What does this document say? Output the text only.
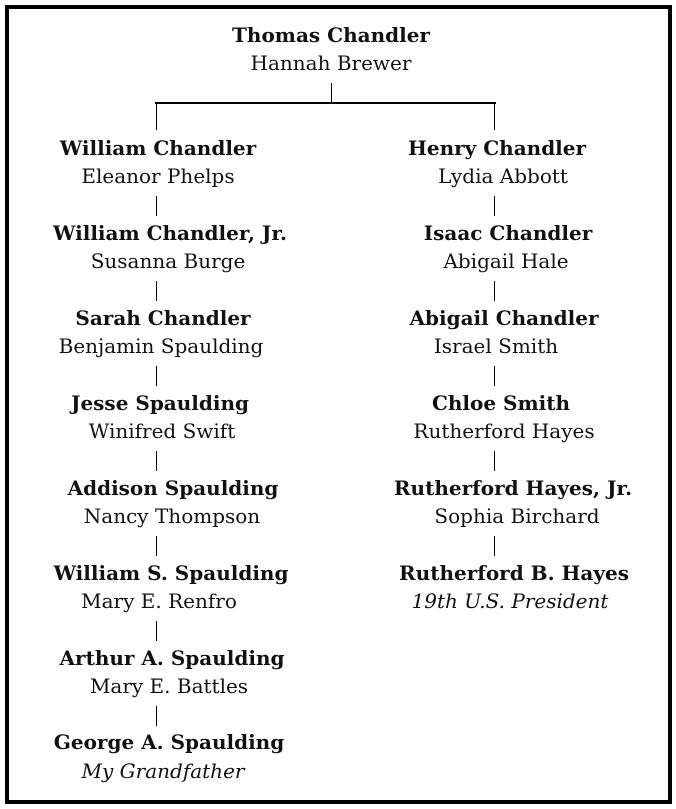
Thomas Chandler
Hannah Brewer
William Chandler
Eleanor Phelps
William Chandler, Jr.
Susanna Burge
Sarah Chandler
Benjamin Spaulding
Jesse Spaulding
Winifred Swift
Addison Spaulding
Nancy Thompson
William S. Spaulding
Mary E. Renfro
Arthur A. Spaulding
Mary E. Battles
George A. Spaulding
My Grandfather
Henry Chandler
Lydia Abbott
Isaac Chandler
Abigail Hale
Abigail Chandler
Israel Smith
Chloe Smith
Rutherford Hayes
Rutherford Hayes, Jr.
Sophia Birchard
Rutherford B. Hayes
19th U.S. President
